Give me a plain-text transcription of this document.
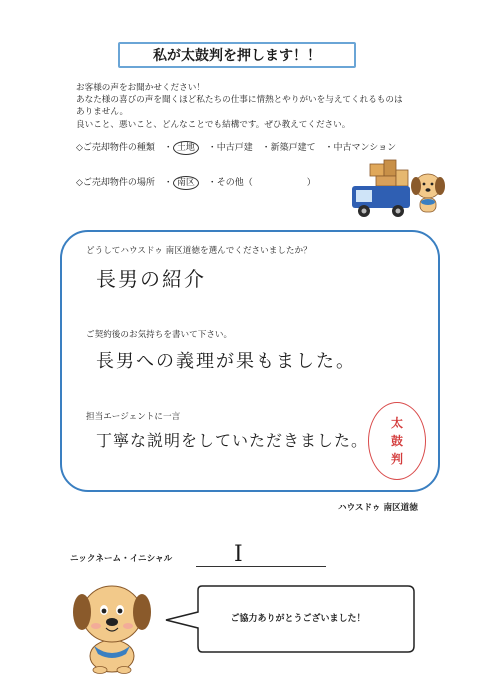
私が太鼓判を押します！！

お客様の声をお聞かせください！

あなた様の喜びの声を聞くほど私たちの仕事に情熱とやりがいを与えてくれるものは

ありません。

良いこと、悪いこと、どんなことでも結構です。ぜひ教えてください。

◇ご売却物件の種類 ・ 土地 ・中古戸建 ・新築戸建て ・中古マンション
◇ご売却物件の場所 ・ 南区 ・その他（	）
どうしてハウスドゥ 南区道徳を選んでくださいましたか？
長男の紹介
ご契約後のお気持ちを書いて下さい。
長男への義理が果もました。
担当エージェントに一言
丁寧な説明をしていただきました。
太
鼓
判
ハウスドゥ 南区道徳
ニックネーム・イニシャル	I
ご協力ありがとうございました！
